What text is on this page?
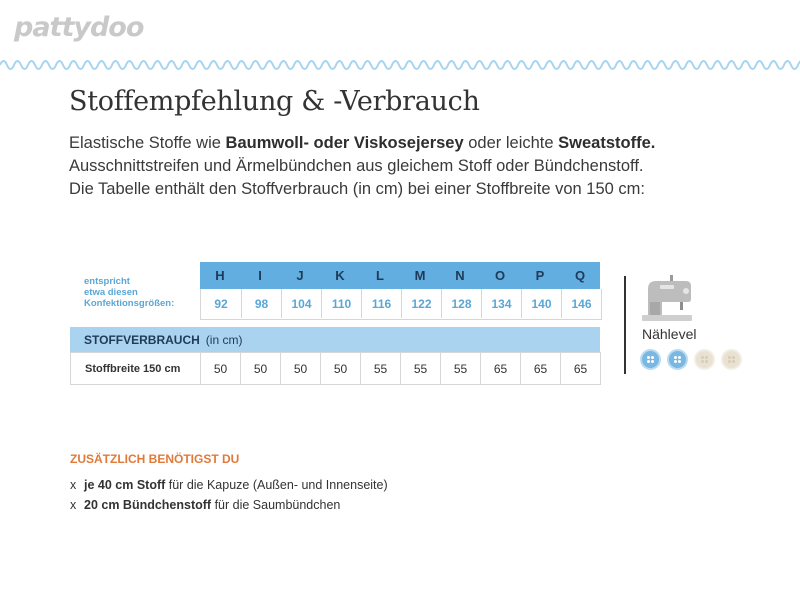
pattydoo
Stoffempfehlung & -Verbrauch

Elastische Stoffe wie Baumwoll- oder Viskosejersey oder leichte Sweatstoffe.

Ausschnittstreifen und Ärmelbündchen aus gleichem Stoff oder Bündchenstoff.

Die Tabelle enthält den Stoffverbrauch (in cm) bei einer Stoffbreite von 150 cm:

entspricht
etwa diesen
Konfektionsgrößen:
H	I	J	K	L	M	N	O	P	Q
92	98	104	110	116	122	128	134	140	146
STOFFVERBRAUCH (in cm)
Stoffbreite 150 cm	50	50	50	50	55	55	55	65	65	65
Nählevel
ZUSÄTZLICH BENÖTIGST DU
x je 40 cm Stoff für die Kapuze (Außen- und Innenseite)
x 20 cm Bündchenstoff für die Saumbündchen
